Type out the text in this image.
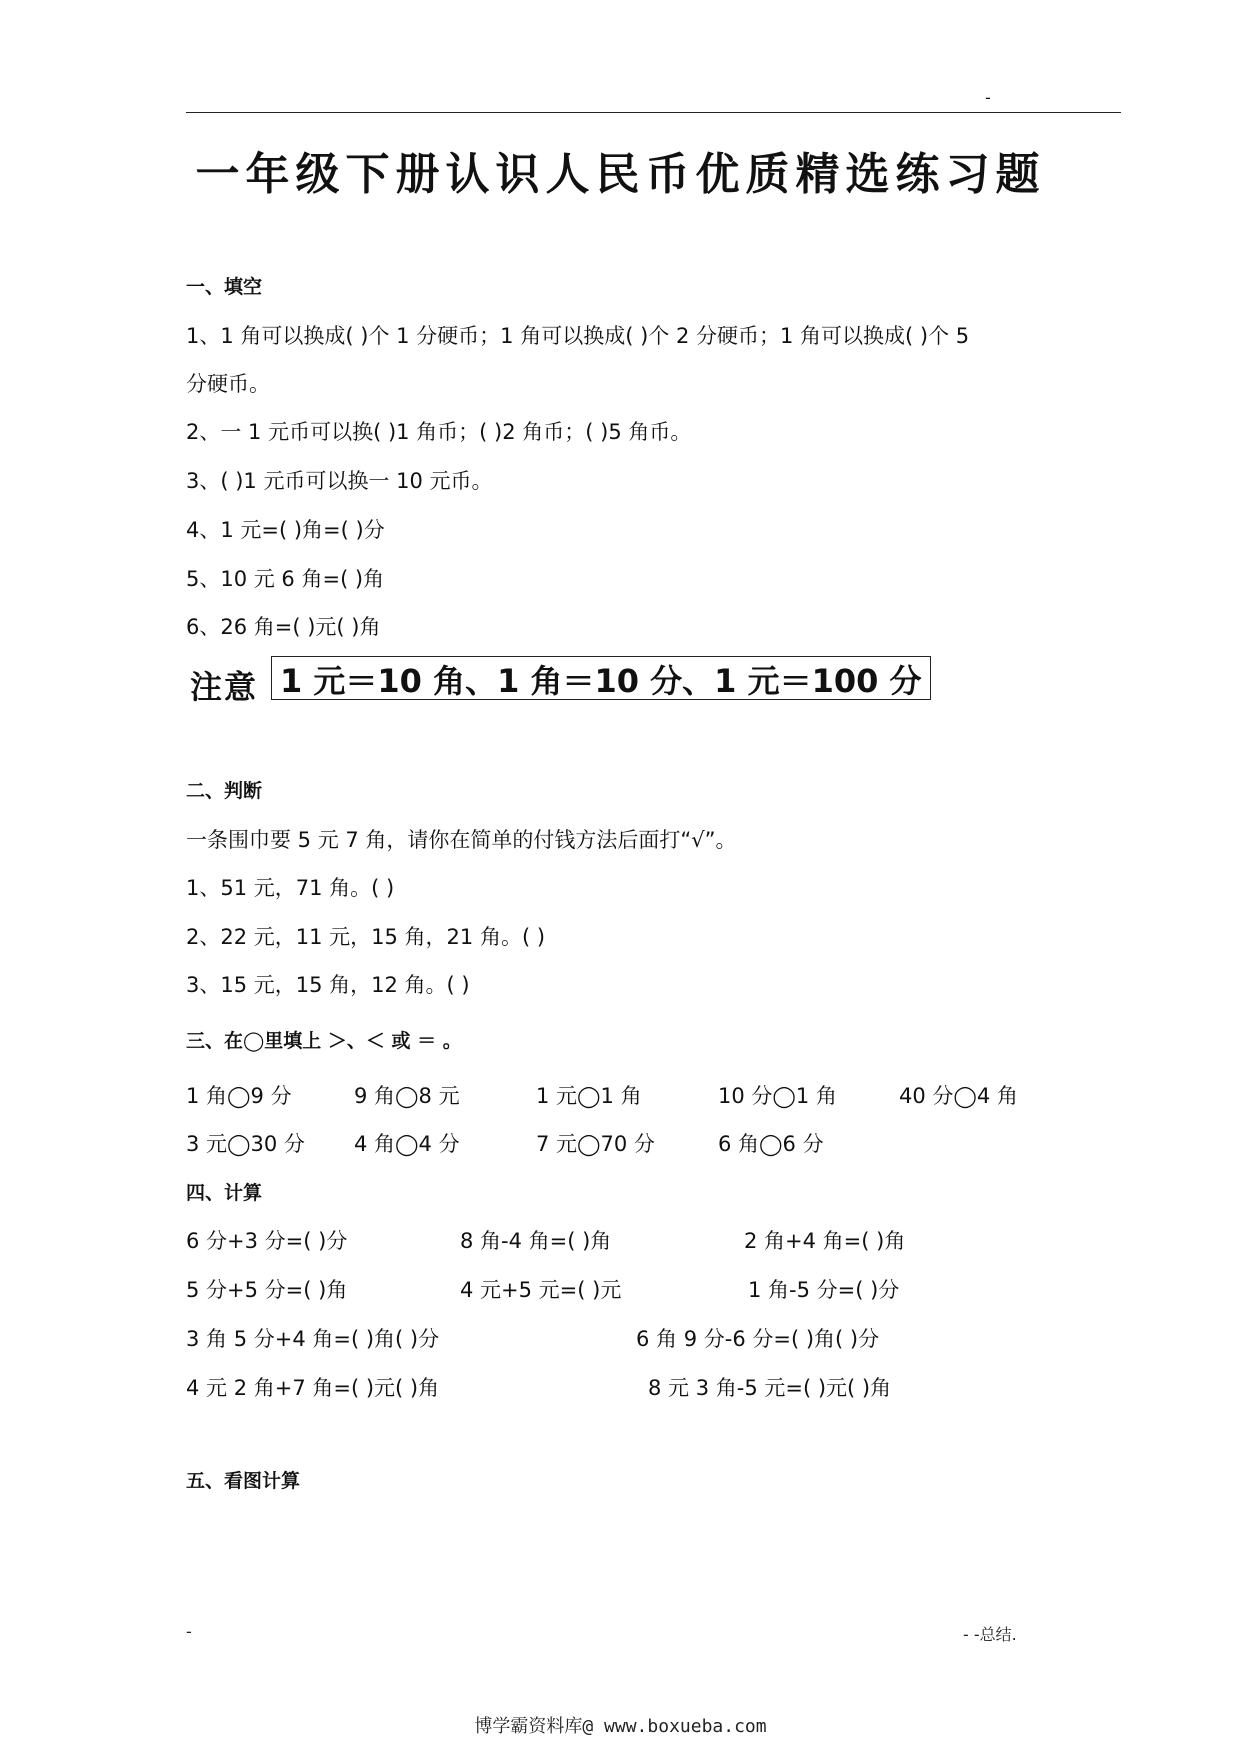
-
一年级下册认识人民币优质精选练习题
一、填空
1、1 角可以换成( )个 1 分硬币；1 角可以换成( )个 2 分硬币；1 角可以换成( )个 5
分硬币。
2、一 1 元币可以换( )1 角币；( )2 角币；( )5 角币。
3、( )1 元币可以换一 10 元币。
4、1 元=( )角=( )分
5、10 元 6 角=( )角
6、26 角=( )元( )角
注意 1 元＝10 角、1 角＝10 分、1 元＝100 分
二、判断
一条围巾要 5 元 7 角，请你在简单的付钱方法后面打“√”。
1、51 元，71 角。( )
2、22 元，11 元，15 角，21 角。( )
3、15 元，15 角，12 角。( )
三、在◯里填上 ＞、＜ 或 ＝ 。
1 角◯9 分	9 角◯8 元	1 元◯1 角	10 分◯1 角	40 分◯4 角
3 元◯30 分 4 角◯4 分	7 元◯70 分	6 角◯6 分
四、计算
6 分+3 分=( )分	8 角-4 角=( )角	2 角+4 角=( )角
5 分+5 分=( )角	4 元+5 元=( )元	1 角-5 分=( )分
3 角 5 分+4 角=( )角( )分	6 角 9 分-6 分=( )角( )分
4 元 2 角+7 角=( )元( )角	8 元 3 角-5 元=( )元( )角
五、看图计算
-	- -总结.
博学霸资料库@ www.boxueba.com
